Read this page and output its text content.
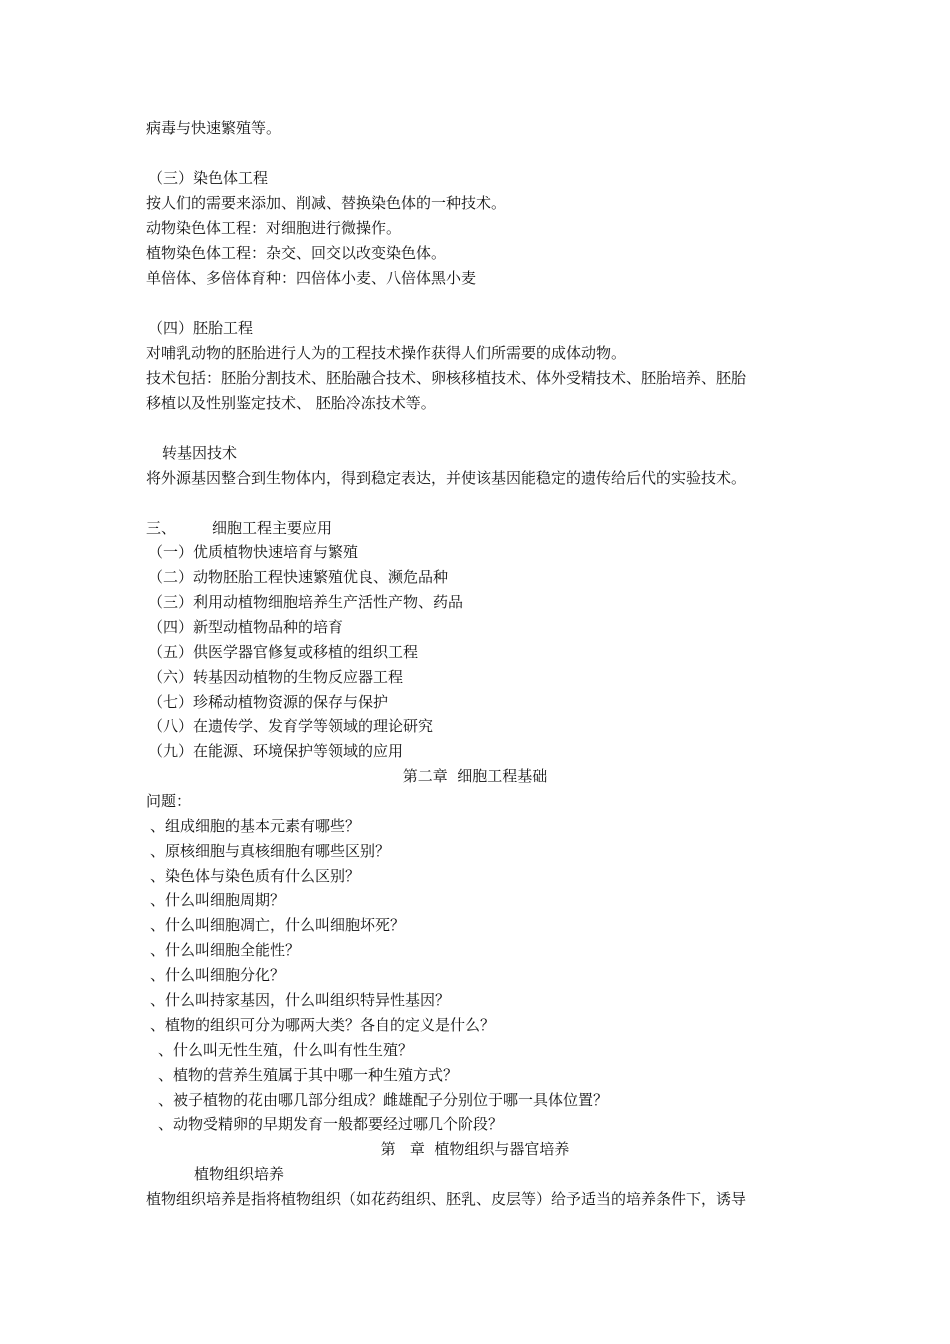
病毒与快速繁殖等。
（三）染色体工程
按人们的需要来添加、削减、替换染色体的一种技术。
动物染色体工程：对细胞进行微操作。
植物染色体工程：杂交、回交以改变染色体。
单倍体、多倍体育种：四倍体小麦、八倍体黑小麦
（四）胚胎工程
对哺乳动物的胚胎进行人为的工程技术操作获得人们所需要的成体动物。
技术包括：胚胎分割技术、胚胎融合技术、卵核移植技术、体外受精技术、胚胎培养、胚胎
移植以及性别鉴定技术、 胚胎冷冻技术等。
转基因技术
将外源基因整合到生物体内，得到稳定表达，并使该基因能稳定的遗传给后代的实验技术。
三、 细胞工程主要应用
（一）优质植物快速培育与繁殖
（二）动物胚胎工程快速繁殖优良、濒危品种
（三）利用动植物细胞培养生产活性产物、药品
（四）新型动植物品种的培育
（五）供医学器官修复或移植的组织工程
（六）转基因动植物的生物反应器工程
（七）珍稀动植物资源的保存与保护
（八）在遗传学、发育学等领域的理论研究
（九）在能源、环境保护等领域的应用
第二章  细胞工程基础
问题：
、组成细胞的基本元素有哪些？
、原核细胞与真核细胞有哪些区别？
、染色体与染色质有什么区别？
、什么叫细胞周期？
、什么叫细胞凋亡，什么叫细胞坏死？
、什么叫细胞全能性？
、什么叫细胞分化？
、什么叫持家基因，什么叫组织特异性基因？
、植物的组织可分为哪两大类？各自的定义是什么？
、什么叫无性生殖，什么叫有性生殖？
、植物的营养生殖属于其中哪一种生殖方式？
、被子植物的花由哪几部分组成？雌雄配子分别位于哪一具体位置？
、动物受精卵的早期发育一般都要经过哪几个阶段？
第   章  植物组织与器官培养
植物组织培养
植物组织培养是指将植物组织（如花药组织、胚乳、皮层等）给予适当的培养条件下，诱导
